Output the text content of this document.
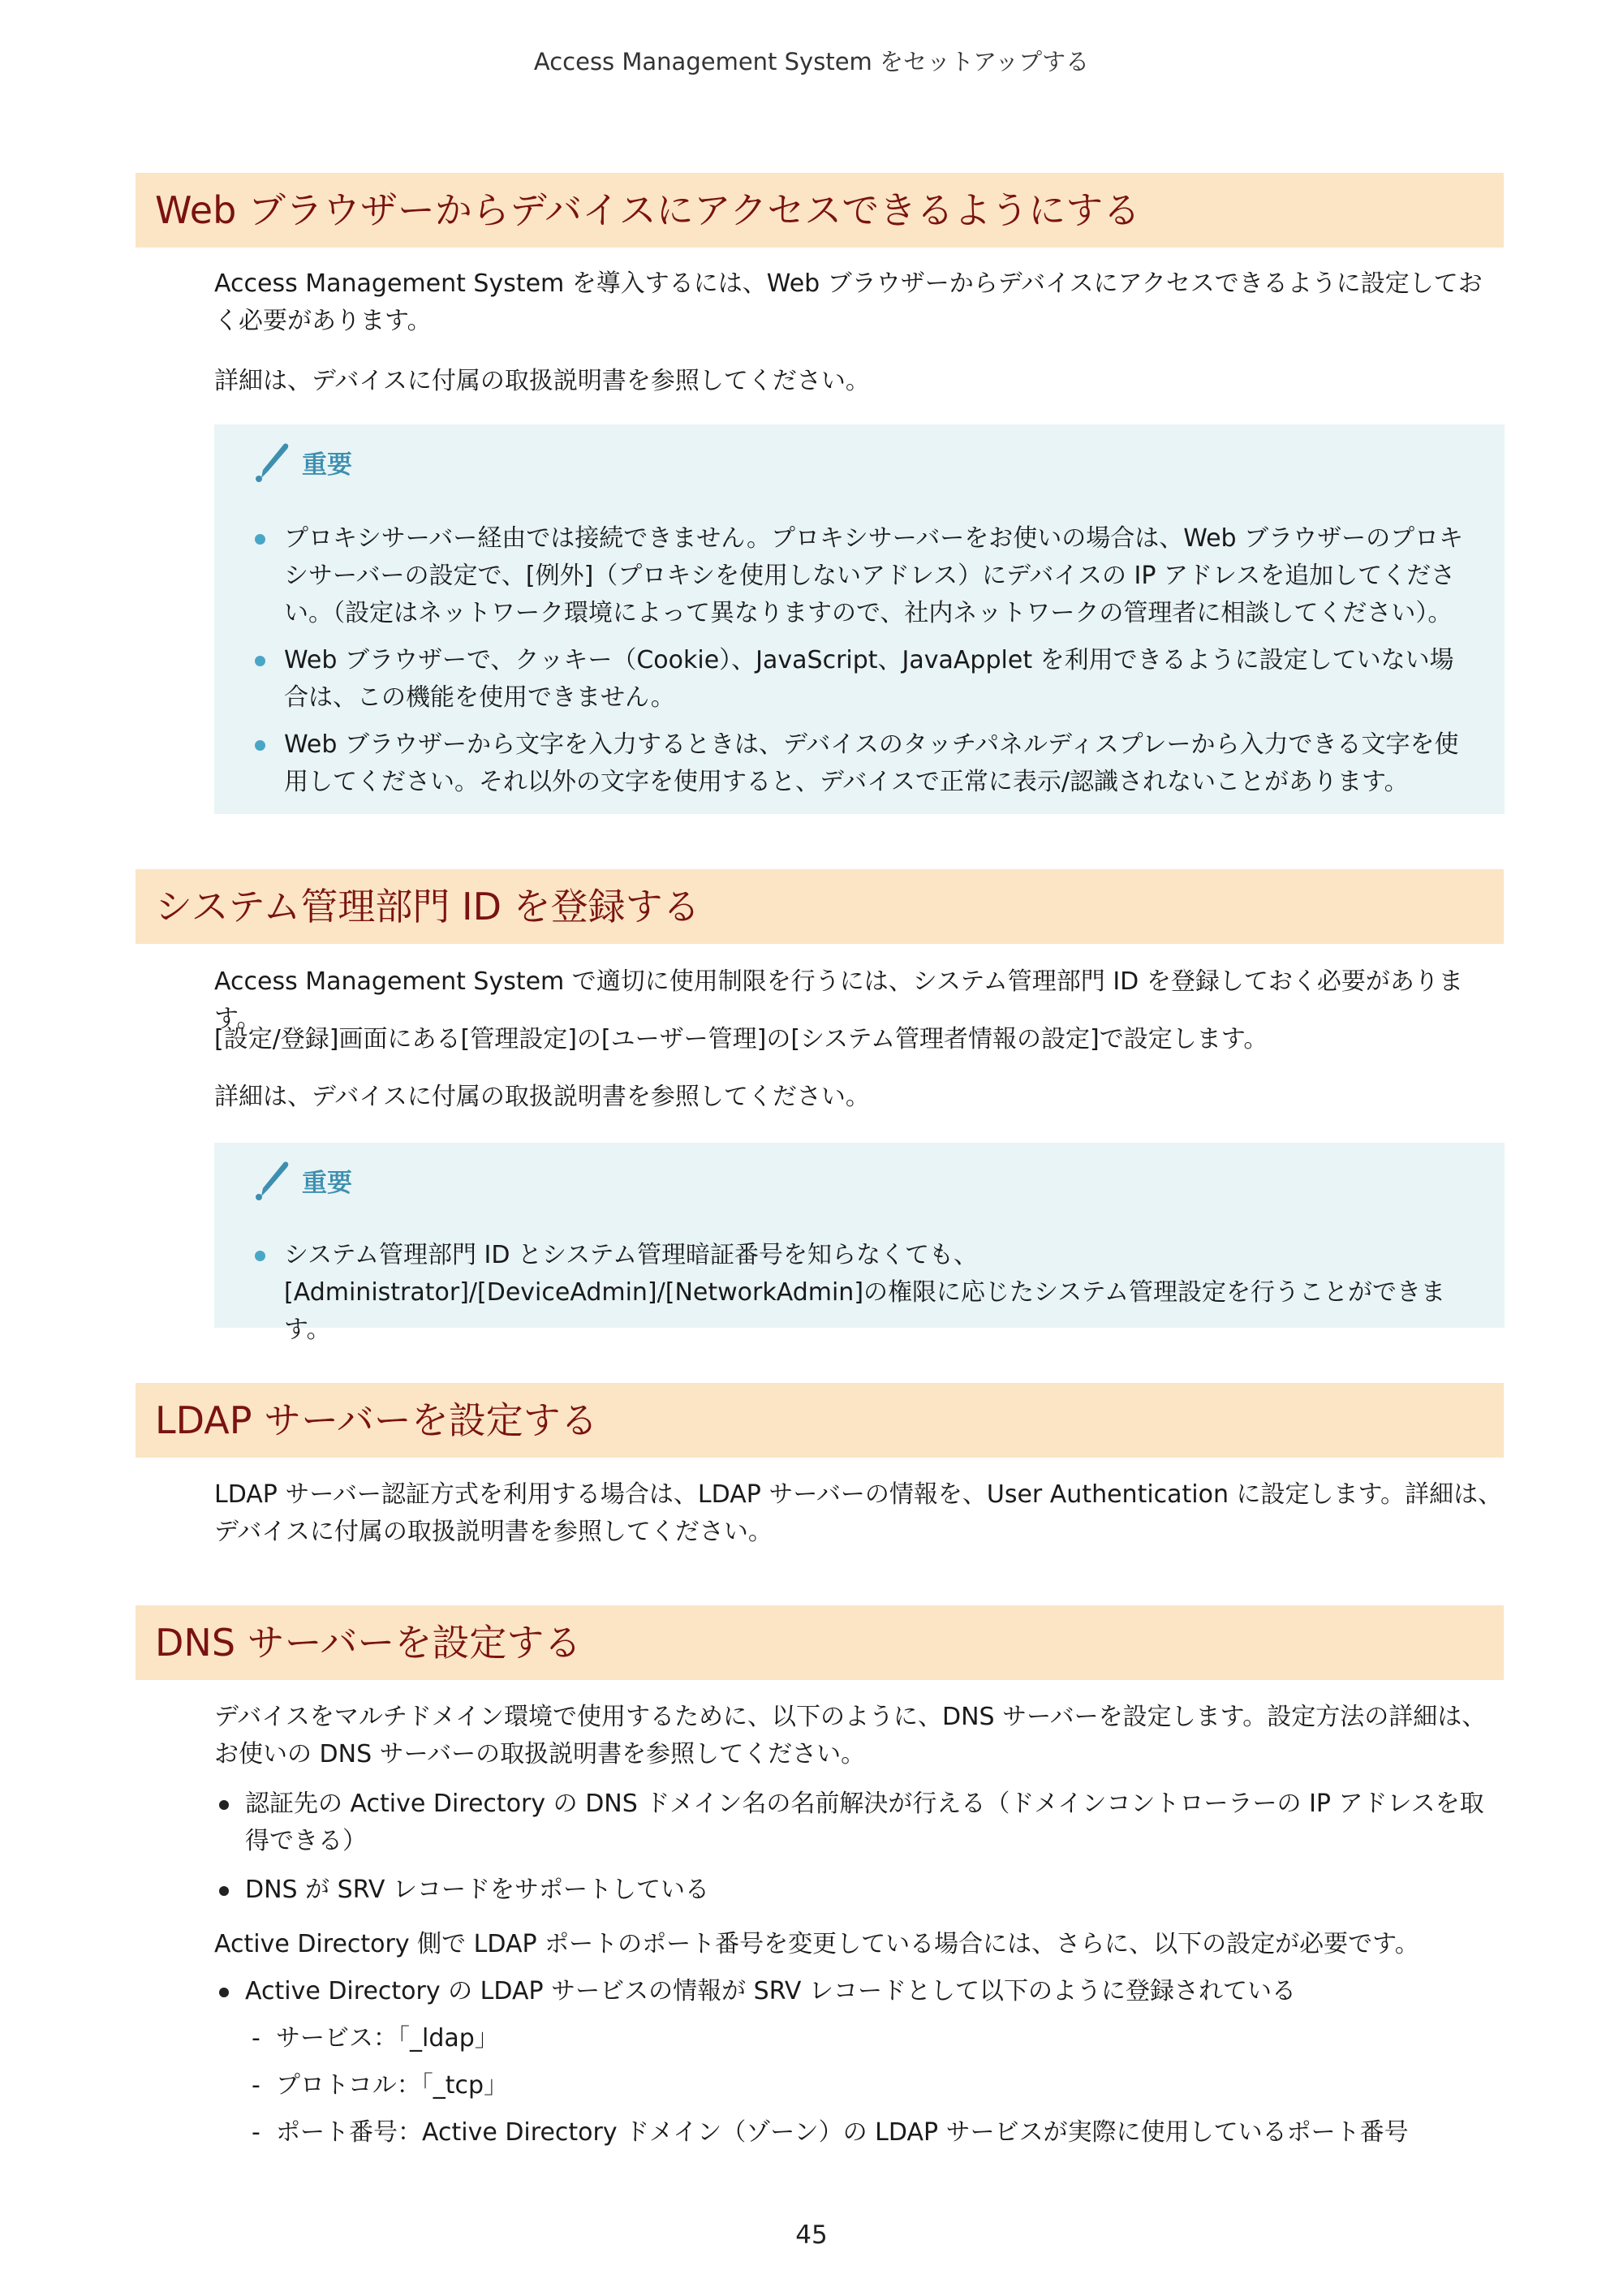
Access Management System をセットアップする
Web ブラウザーからデバイスにアクセスできるようにする
Access Management System を導入するには、Web ブラウザーからデバイスにアクセスできるように設定しておく必要があります。
詳細は、デバイスに付属の取扱説明書を参照してください。
重要
プロキシサーバー経由では接続できません。プロキシサーバーをお使いの場合は、Web ブラウザーのプロキシサーバーの設定で、[例外]（プロキシを使用しないアドレス）にデバイスの IP アドレスを追加してください。（設定はネットワーク環境によって異なりますので、社内ネットワークの管理者に相談してください）。
Web ブラウザーで、クッキー（Cookie）、JavaScript、JavaApplet を利用できるように設定していない場合は、この機能を使用できません。
Web ブラウザーから文字を入力するときは、デバイスのタッチパネルディスプレーから入力できる文字を使用してください。それ以外の文字を使用すると、デバイスで正常に表示/認識されないことがあります。
システム管理部門 ID を登録する
Access Management System で適切に使用制限を行うには、システム管理部門 ID を登録しておく必要があります。
[設定/登録]画面にある[管理設定]の[ユーザー管理]の[システム管理者情報の設定]で設定します。
詳細は、デバイスに付属の取扱説明書を参照してください。
重要
システム管理部門 ID とシステム管理暗証番号を知らなくても、[Administrator]/[DeviceAdmin]/[NetworkAdmin]の権限に応じたシステム管理設定を行うことができます。
LDAP サーバーを設定する
LDAP サーバー認証方式を利用する場合は、LDAP サーバーの情報を、User Authentication に設定します。詳細は、デバイスに付属の取扱説明書を参照してください。
DNS サーバーを設定する
デバイスをマルチドメイン環境で使用するために、以下のように、DNS サーバーを設定します。設定方法の詳細は、お使いの DNS サーバーの取扱説明書を参照してください。
認証先の Active Directory の DNS ドメイン名の名前解決が行える（ドメインコントローラーの IP アドレスを取得できる）
DNS が SRV レコードをサポートしている
Active Directory 側で LDAP ポートのポート番号を変更している場合には、さらに、以下の設定が必要です。
Active Directory の LDAP サービスの情報が SRV レコードとして以下のように登録されている
- サービス：「_ldap」
- プロトコル：「_tcp」
- ポート番号：Active Directory ドメイン（ゾーン）の LDAP サービスが実際に使用しているポート番号
45
